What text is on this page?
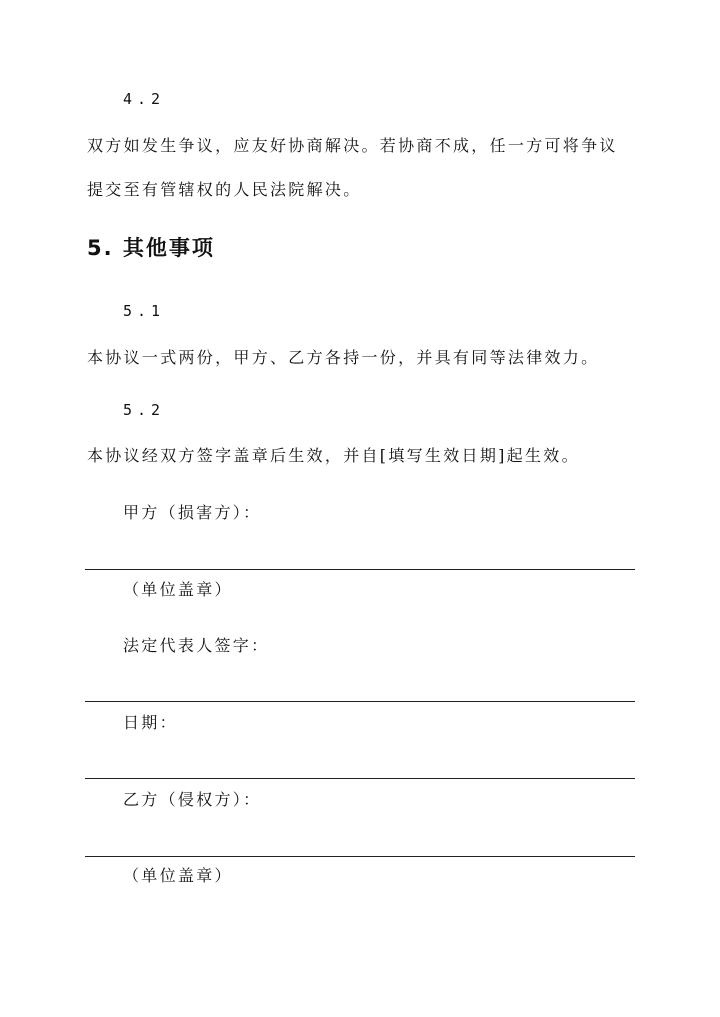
4.2
双方如发生争议，应友好协商解决。若协商不成，任一方可将争议
提交至有管辖权的人民法院解决。
5. 其他事项
5.1
本协议一式两份，甲方、乙方各持一份，并具有同等法律效力。
5.2
本协议经双方签字盖章后生效，并自[填写生效日期]起生效。
甲方（损害方）：
（单位盖章）
法定代表人签字：
日期：
乙方（侵权方）：
（单位盖章）
